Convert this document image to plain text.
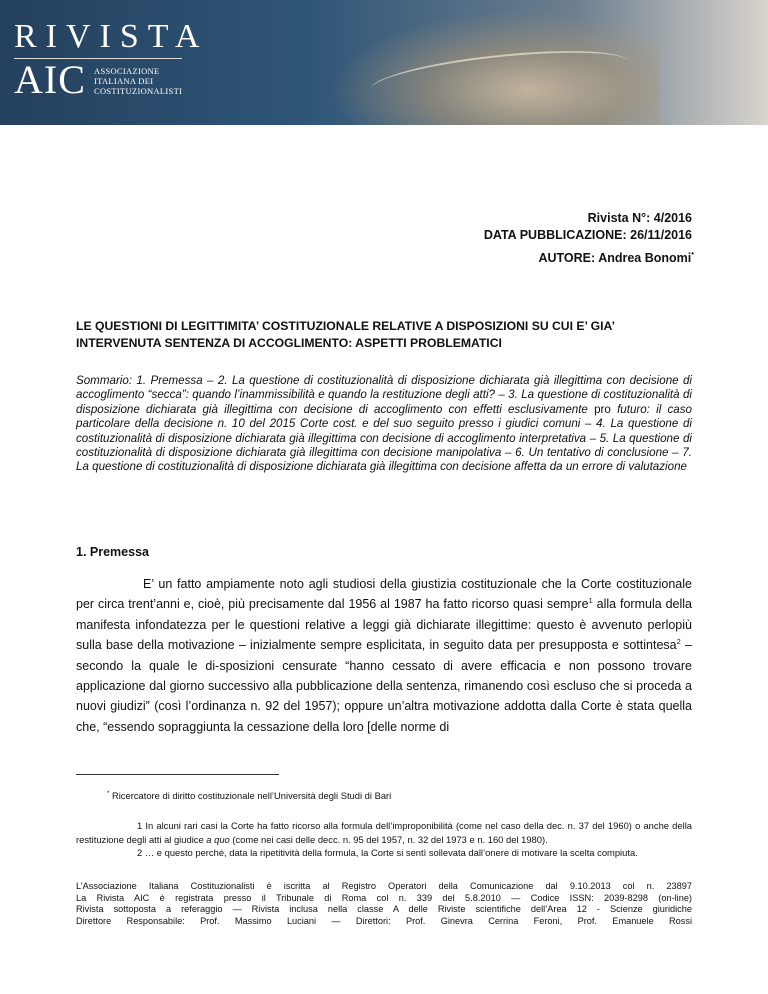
RIVISTA
AIC ASSOCIAZIONE
ITALIANA DEI
COSTITUZIONALISTI
Rivista N°: 4/2016
DATA PUBBLICAZIONE: 26/11/2016
AUTORE: Andrea Bonomi*
LE QUESTIONI DI LEGITTIMITA’ COSTITUZIONALE RELATIVE A DISPOSIZIONI SU CUI E’ GIA’ INTERVENUTA SENTENZA DI ACCOGLIMENTO: ASPETTI PROBLEMATICI
Sommario: 1. Premessa – 2. La questione di costituzionalità di disposizione dichiarata già illegittima con decisione di accoglimento “secca”: quando l’inammissibilità e quando la restituzione degli atti? – 3. La questione di costituzionalità di disposizione dichiarata già illegittima con decisione di accoglimento con effetti esclusivamente pro futuro: il caso particolare della decisione n. 10 del 2015 Corte cost. e del suo seguito presso i giudici comuni – 4. La questione di costituzionalità di disposizione dichiarata già illegittima con decisione di accoglimento interpretativa – 5. La questione di costituzionalità di disposizione dichiarata già illegittima con decisione manipolativa – 6. Un tentativo di conclusione – 7. La questione di costituzionalità di disposizione dichiarata già illegittima con decisione affetta da un errore di valutazione
1. Premessa

E’ un fatto ampiamente noto agli studiosi della giustizia costituzionale che la Corte costituzionale per circa trent’anni e, cioè, più precisamente dal 1956 al 1987 ha fatto ricorso quasi sempre$^1$ alla formula della manifesta infondatezza per le questioni relative a leggi già dichiarate illegittime: questo è avvenuto perlopiù sulla base della motivazione – inizialmente sempre esplicitata, in seguito data per presupposta e sottintesa$^2$ – secondo la quale le di-sposizioni censurate “hanno cessato di avere efficacia e non possono trovare applicazione dal giorno successivo alla pubblicazione della sentenza, rimanendo così escluso che si proceda a nuovi giudizi” (così l’ordinanza n. 92 del 1957); oppure un’altra motivazione addotta dalla Corte è stata quella che, “essendo sopraggiunta la cessazione della loro [delle norme di

* Ricercatore di diritto costituzionale nell’Università degli Studi di Bari

1 In alcuni rari casi la Corte ha fatto ricorso alla formula dell’improponibilità (come nel caso della dec. n. 37 del 1960) o anche della restituzione degli atti al giudice a quo (come nei casi delle decc. n. 95 del 1957, n. 32 del 1973 e n. 160 del 1980).

2 … e questo perché, data la ripetitività della formula, la Corte si sentì sollevata dall’onere di motivare la scelta compiuta.

L’Associazione Italiana Costituzionalisti è iscritta al Registro Operatori della Comunicazione dal 9.10.2013 col n. 23897

La Rivista AIC è registrata presso il Tribunale di Roma col n. 339 del 5.8.2010 — Codice ISSN: 2039-8298 (on-line)

Rivista sottoposta a referaggio — Rivista inclusa nella classe A delle Riviste scientifiche dell’Area 12 - Scienze giuridiche

Direttore Responsabile: Prof. Massimo Luciani — Direttori: Prof. Ginevra Cerrina Feroni, Prof. Emanuele Rossi
